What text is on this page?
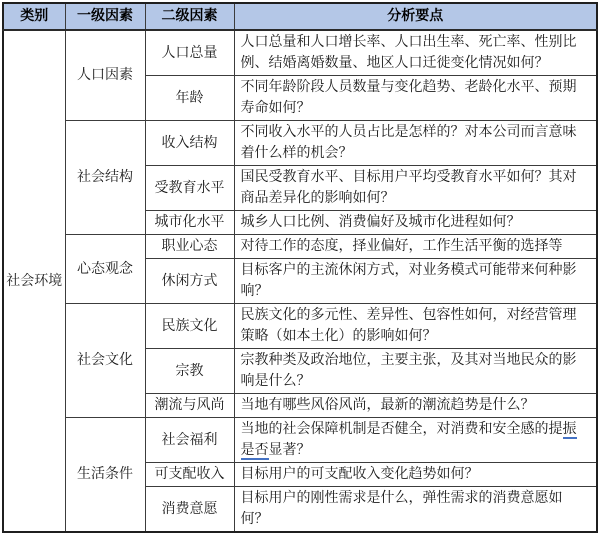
类别	一级因素	二级因素	分析要点
社会环境	人口因素	人口总量	人口总量和人口增长率、人口出生率、死亡率、性别比例、结婚离婚数量、地区人口迁徙变化情况如何？
		年龄	不同年龄阶段人员数量与变化趋势、老龄化水平、预期寿命如何？
	社会结构	收入结构	不同收入水平的人员占比是怎样的？对本公司而言意味着什么样的机会？
		受教育水平	国民受教育水平、目标用户平均受教育水平如何？其对商品差异化的影响如何？
		城市化水平	城乡人口比例、消费偏好及城市化进程如何？
	心态观念	职业心态	对待工作的态度，择业偏好，工作生活平衡的选择等
		休闲方式	目标客户的主流休闲方式，对业务模式可能带来何种影响？
	社会文化	民族文化	民族文化的多元性、差异性、包容性如何，对经营管理策略（如本土化）的影响如何？
		宗教	宗教种类及政治地位，主要主张，及其对当地民众的影响是什么？
		潮流与风尚	当地有哪些风俗风尚，最新的潮流趋势是什么？
	生活条件	社会福利	当地的社会保障机制是否健全，对消费和安全感的提振是否显著？
		可支配收入	目标用户的可支配收入变化趋势如何？
		消费意愿	目标用户的刚性需求是什么，弹性需求的消费意愿如何？
